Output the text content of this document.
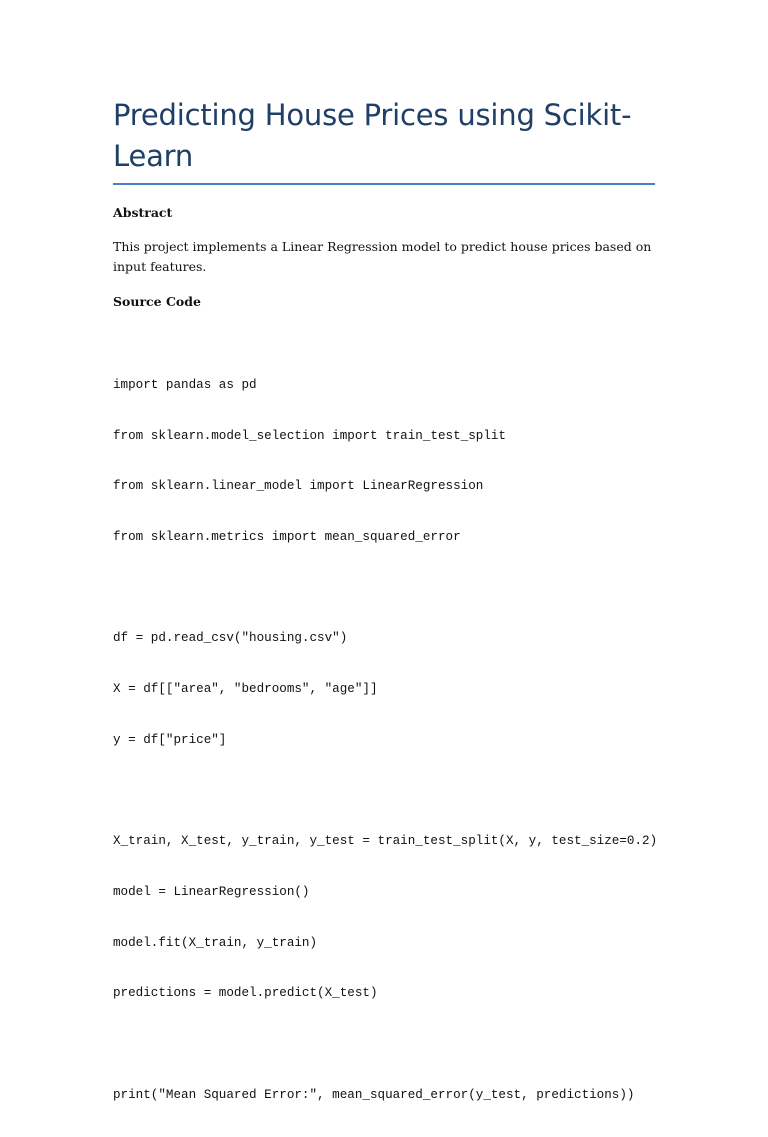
Predicting House Prices using Scikit-Learn
Abstract

This project implements a Linear Regression model to predict house prices based on input features.

Source Code

import pandas as pd

from sklearn.model_selection import train_test_split

from sklearn.linear_model import LinearRegression

from sklearn.metrics import mean_squared_error

df = pd.read_csv("housing.csv")

X = df[["area", "bedrooms", "age"]]

y = df["price"]

X_train, X_test, y_train, y_test = train_test_split(X, y, test_size=0.2)

model = LinearRegression()

model.fit(X_train, y_train)

predictions = model.predict(X_test)

print("Mean Squared Error:", mean_squared_error(y_test, predictions))
